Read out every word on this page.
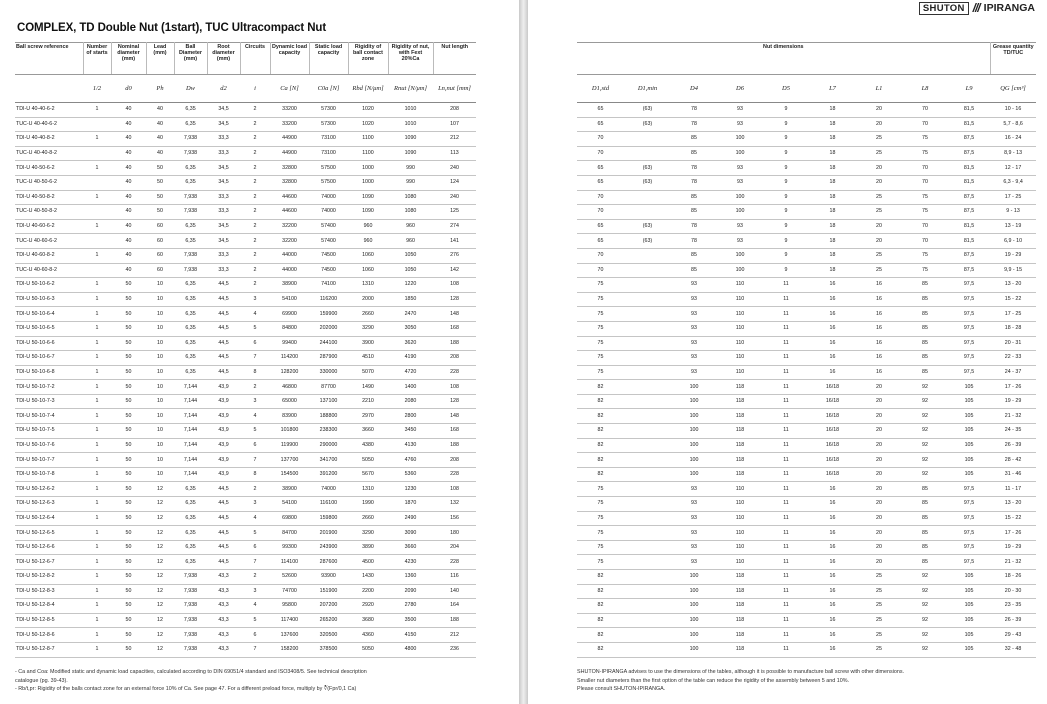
COMPLEX, TD Double Nut (1start), TUC Ultracompact Nut
Ball screw reference	Number of starts	Nominal diameter (mm)	Lead (mm)	Ball Diameter (mm)	Root diameter (mm)	Circuits	Dynamic load capacity	Static load capacity	Rigidity of ball contact zone	Rigidity of nut, with Fext 20%Ca	Nut length
	1/2	d0	Ph	Dw	d2	i	Ca [N]	C0a [N]	Rbd [N/μm]	Rnut [N/μm]	Ln,nut [mm]
TDI-U 40-40-6-2	1	40	40	6,35	34,5	2	33200	57300	1020	1010	208
TUC-U 40-40-6-2		40	40	6,35	34,5	2	33200	57300	1020	1010	107
TDI-U 40-40-8-2	1	40	40	7,938	33,3	2	44900	73100	1100	1090	212
TUC-U 40-40-8-2		40	40	7,938	33,3	2	44900	73100	1100	1090	113
TDI-U 40-50-6-2	1	40	50	6,35	34,5	2	32800	57500	1000	990	240
TUC-U 40-50-6-2		40	50	6,35	34,5	2	32800	57500	1000	990	124
TDI-U 40-50-8-2	1	40	50	7,938	33,3	2	44600	74000	1090	1080	240
TUC-U 40-50-8-2		40	50	7,938	33,3	2	44600	74000	1090	1080	125
TDI-U 40-60-6-2	1	40	60	6,35	34,5	2	32200	57400	960	960	274
TUC-U 40-60-6-2		40	60	6,35	34,5	2	32200	57400	960	960	141
TDI-U 40-60-8-2	1	40	60	7,938	33,3	2	44000	74500	1060	1050	276
TUC-U 40-60-8-2		40	60	7,938	33,3	2	44000	74500	1060	1050	142
TDI-U 50-10-6-2	1	50	10	6,35	44,5	2	38900	74100	1310	1220	108
TDI-U 50-10-6-3	1	50	10	6,35	44,5	3	54100	116200	2000	1850	128
TDI-U 50-10-6-4	1	50	10	6,35	44,5	4	69900	159900	2660	2470	148
TDI-U 50-10-6-5	1	50	10	6,35	44,5	5	84800	202000	3290	3050	168
TDI-U 50-10-6-6	1	50	10	6,35	44,5	6	99400	244100	3900	3620	188
TDI-U 50-10-6-7	1	50	10	6,35	44,5	7	114200	287900	4510	4190	208
TDI-U 50-10-6-8	1	50	10	6,35	44,5	8	128200	330000	5070	4720	228
TDI-U 50-10-7-2	1	50	10	7,144	43,9	2	46800	87700	1490	1400	108
TDI-U 50-10-7-3	1	50	10	7,144	43,9	3	65000	137100	2210	2080	128
TDI-U 50-10-7-4	1	50	10	7,144	43,9	4	83900	188800	2970	2800	148
TDI-U 50-10-7-5	1	50	10	7,144	43,9	5	101800	238300	3660	3450	168
TDI-U 50-10-7-6	1	50	10	7,144	43,9	6	119900	290000	4380	4130	188
TDI-U 50-10-7-7	1	50	10	7,144	43,9	7	137700	341700	5050	4760	208
TDI-U 50-10-7-8	1	50	10	7,144	43,9	8	154500	391200	5670	5360	228
TDI-U 50-12-6-2	1	50	12	6,35	44,5	2	38900	74000	1310	1230	108
TDI-U 50-12-6-3	1	50	12	6,35	44,5	3	54100	116100	1990	1870	132
TDI-U 50-12-6-4	1	50	12	6,35	44,5	4	69800	159800	2660	2490	156
TDI-U 50-12-6-5	1	50	12	6,35	44,5	5	84700	201900	3290	3090	180
TDI-U 50-12-6-6	1	50	12	6,35	44,5	6	99300	243900	3890	3660	204
TDI-U 50-12-6-7	1	50	12	6,35	44,5	7	114100	287600	4500	4230	228
TDI-U 50-12-8-2	1	50	12	7,938	43,3	2	52600	93900	1430	1360	116
TDI-U 50-12-8-3	1	50	12	7,938	43,3	3	74700	151900	2200	2090	140
TDI-U 50-12-8-4	1	50	12	7,938	43,3	4	95800	207200	2920	2780	164
TDI-U 50-12-8-5	1	50	12	7,938	43,3	5	117400	265200	3680	3500	188
TDI-U 50-12-8-6	1	50	12	7,938	43,3	6	137600	320500	4360	4150	212
TDI-U 50-12-8-7	1	50	12	7,938	43,3	7	158200	378500	5050	4800	236
- Ca and Coa: Modified static and dynamic load capacities, calculated according to DIN 69051/4 standard and ISO3408/5. See technical description
catalogue (pg. 39-43).
- Rb/t,pr: Rigidity of the balls contact zone for an external force 10% of Ca. See page 47. For a different preload force, multiply by ∛(Fpr/0,1 Ca)
SHUTON /// IPIRANGA
Nut dimensions									Grease quantity TD/TUC
D1,std	D1,min	D4	D6	D5	L7	L1	L8	L9	QG [cm³]
65	(63)	78	93	9	18	20	70	81,5	10 - 16
65	(63)	78	93	9	18	20	70	81,5	5,7 - 8,6
70		85	100	9	18	25	75	87,5	16 - 24
70		85	100	9	18	25	75	87,5	8,9 - 13
65	(63)	78	93	9	18	20	70	81,5	12 - 17
65	(63)	78	93	9	18	20	70	81,5	6,3 - 9,4
70		85	100	9	18	25	75	87,5	17 - 25
70		85	100	9	18	25	75	87,5	9 - 13
65	(63)	78	93	9	18	20	70	81,5	13 - 19
65	(63)	78	93	9	18	20	70	81,5	6,9 - 10
70		85	100	9	18	25	75	87,5	19 - 29
70		85	100	9	18	25	75	87,5	9,9 - 15
75		93	110	11	16	16	85	97,5	13 - 20
75		93	110	11	16	16	85	97,5	15 - 22
75		93	110	11	16	16	85	97,5	17 - 25
75		93	110	11	16	16	85	97,5	18 - 28
75		93	110	11	16	16	85	97,5	20 - 31
75		93	110	11	16	16	85	97,5	22 - 33
75		93	110	11	16	16	85	97,5	24 - 37
82		100	118	11	16/18	20	92	105	17 - 26
82		100	118	11	16/18	20	92	105	19 - 29
82		100	118	11	16/18	20	92	105	21 - 32
82		100	118	11	16/18	20	92	105	24 - 35
82		100	118	11	16/18	20	92	105	26 - 39
82		100	118	11	16/18	20	92	105	28 - 42
82		100	118	11	16/18	20	92	105	31 - 46
75		93	110	11	16	20	85	97,5	11 - 17
75		93	110	11	16	20	85	97,5	13 - 20
75		93	110	11	16	20	85	97,5	15 - 22
75		93	110	11	16	20	85	97,5	17 - 26
75		93	110	11	16	20	85	97,5	19 - 29
75		93	110	11	16	20	85	97,5	21 - 32
82		100	118	11	16	25	92	105	18 - 26
82		100	118	11	16	25	92	105	20 - 30
82		100	118	11	16	25	92	105	23 - 35
82		100	118	11	16	25	92	105	26 - 39
82		100	118	11	16	25	92	105	29 - 43
82		100	118	11	16	25	92	105	32 - 48
SHUTON-IPIRANGA advises to use the dimensions of the tables, although it is possible to manufacture ball screw with other dimensions.
Smaller nut diameters than the first option of the table can reduce the rigidity of the assembly between 5 and 10%.
Please consult SHUTON-IPIRANGA.
